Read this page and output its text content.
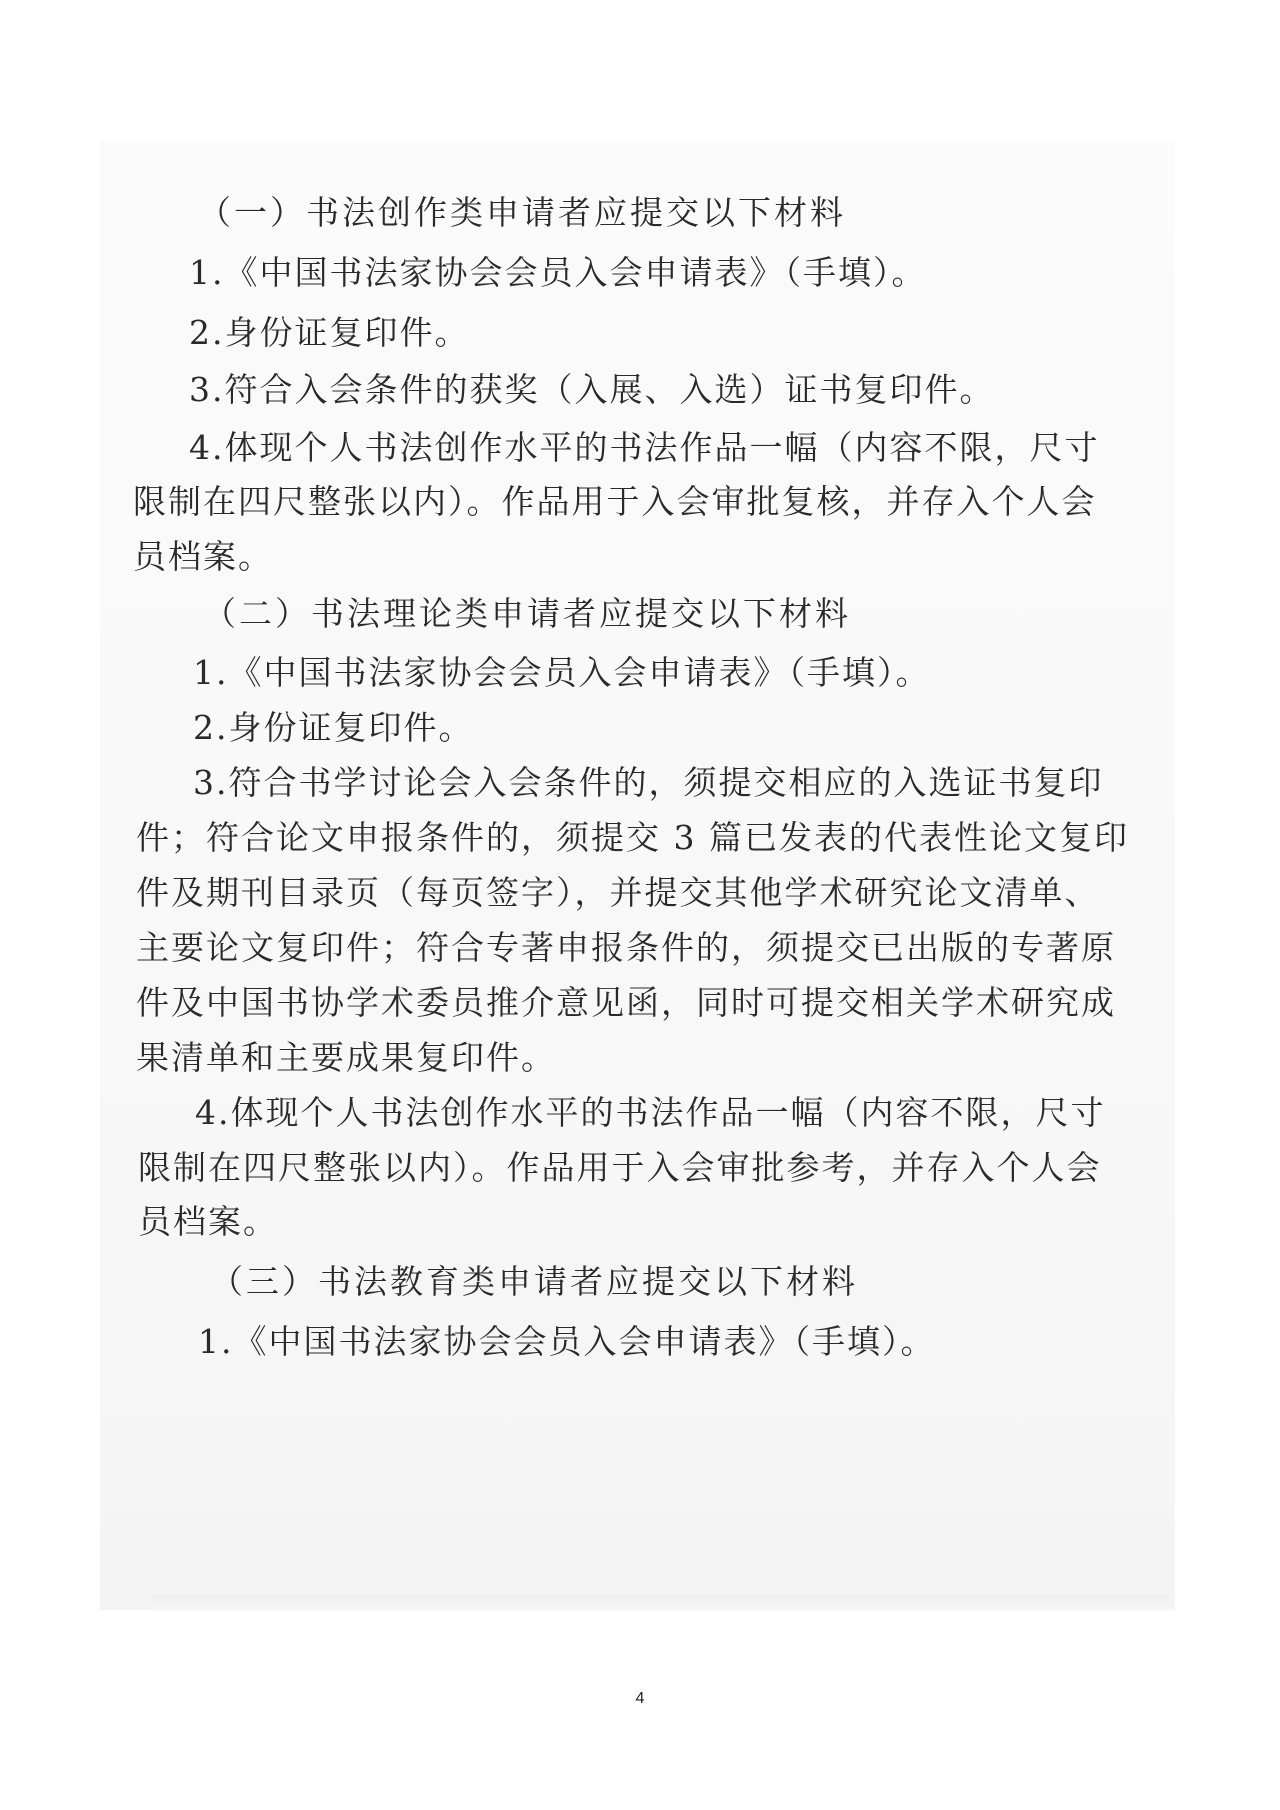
（一）书法创作类申请者应提交以下材料
1.《中国书法家协会会员入会申请表》（手填）。
2.身份证复印件。
3.符合入会条件的获奖（入展、入选）证书复印件。
4.体现个人书法创作水平的书法作品一幅（内容不限，尺寸
限制在四尺整张以内）。作品用于入会审批复核，并存入个人会
员档案。
（二）书法理论类申请者应提交以下材料
1.《中国书法家协会会员入会申请表》（手填）。
2.身份证复印件。
3.符合书学讨论会入会条件的，须提交相应的入选证书复印
件；符合论文申报条件的，须提交 3 篇已发表的代表性论文复印
件及期刊目录页（每页签字），并提交其他学术研究论文清单、
主要论文复印件；符合专著申报条件的，须提交已出版的专著原
件及中国书协学术委员推介意见函，同时可提交相关学术研究成
果清单和主要成果复印件。
4.体现个人书法创作水平的书法作品一幅（内容不限，尺寸
限制在四尺整张以内）。作品用于入会审批参考，并存入个人会
员档案。
（三）书法教育类申请者应提交以下材料
1.《中国书法家协会会员入会申请表》（手填）。
4
